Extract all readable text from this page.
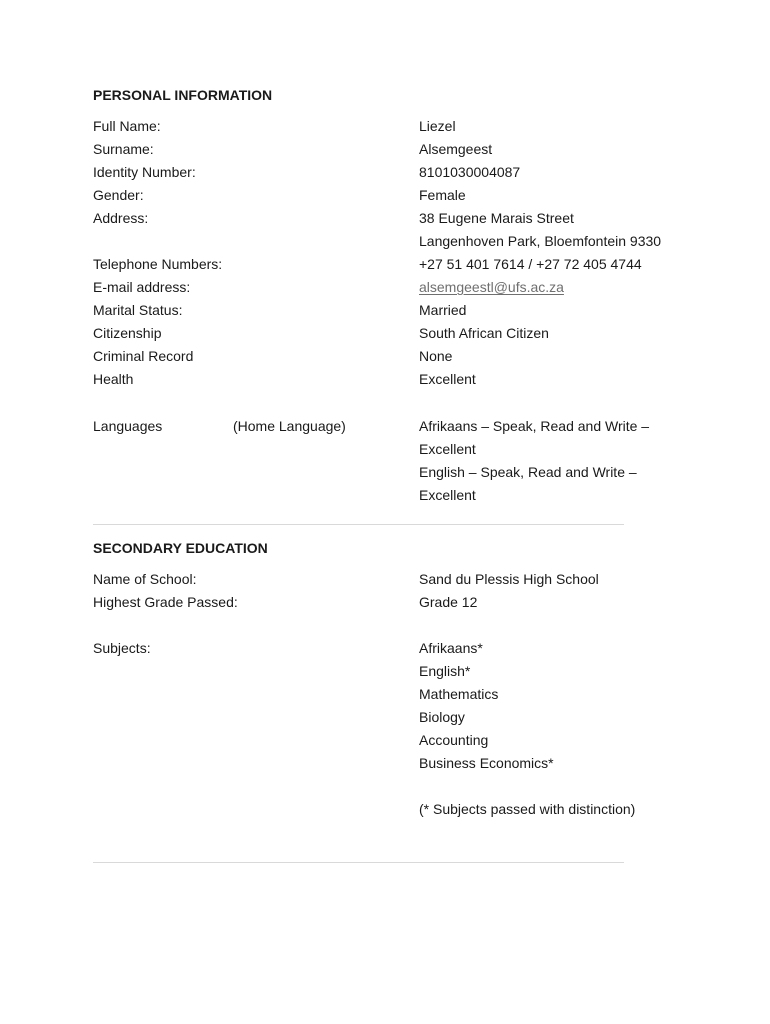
PERSONAL INFORMATION
Full Name:	Liezel
Surname:	Alsemgeest
Identity Number:	8101030004087
Gender:	Female
Address:	38 Eugene Marais Street
Langenhoven Park, Bloemfontein 9330
Telephone Numbers:	+27 51 401 7614 / +27 72 405 4744
E-mail address:	alsemgeestl@ufs.ac.za
Marital Status:	Married
Citizenship	South African Citizen
Criminal Record	None
Health	Excellent
Languages	(Home Language)	Afrikaans – Speak, Read and Write –
Excellent
English – Speak, Read and Write –
Excellent
SECONDARY EDUCATION
Name of School:	Sand du Plessis High School
Highest Grade Passed:	Grade 12
Subjects:	Afrikaans*
English*
Mathematics
Biology
Accounting
Business Economics*
(* Subjects passed with distinction)
